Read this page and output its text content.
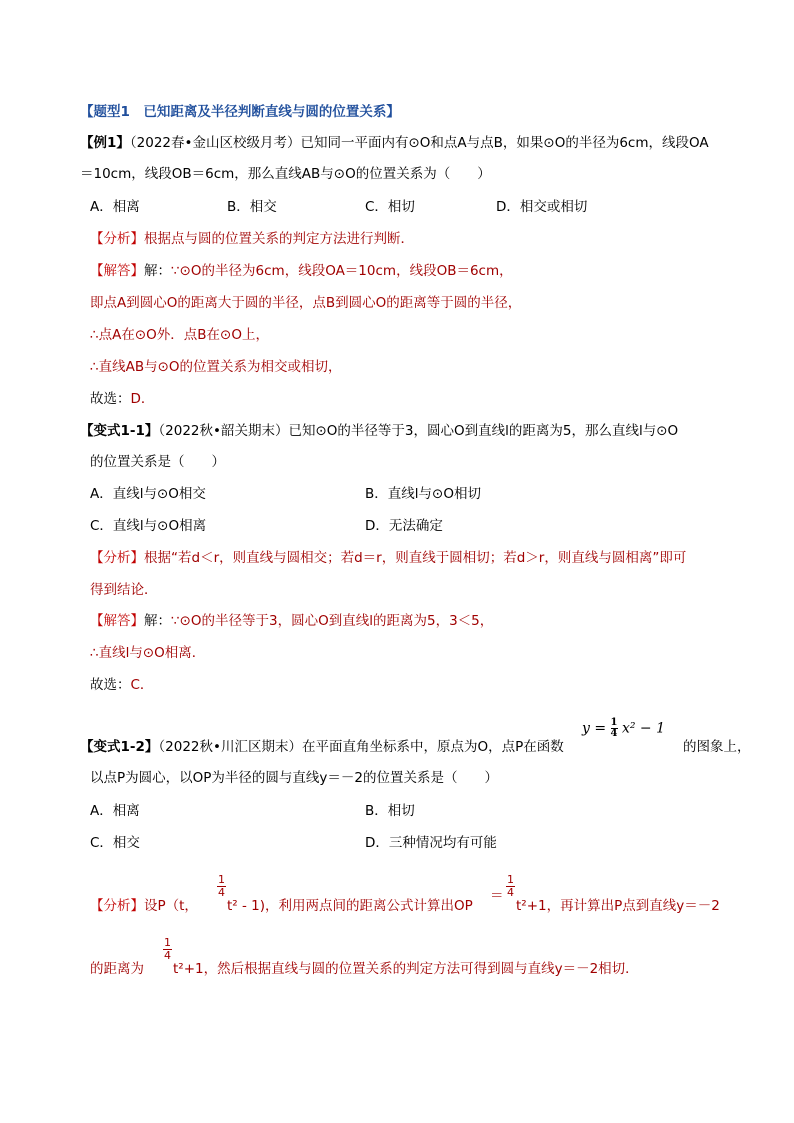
【题型1　已知距离及半径判断直线与圆的位置关系】
【例1】（2022春•金山区校级月考）已知同一平面内有⊙O和点A与点B，如果⊙O的半径为6cm，线段OA
＝10cm，线段OB＝6cm，那么直线AB与⊙O的位置关系为（　　）
A．相离	B．相交	C．相切	D．相交或相切
【分析】根据点与圆的位置关系的判定方法进行判断．
【解答】解：∵⊙O的半径为6cm，线段OA＝10cm，线段OB＝6cm，
即点A到圆心O的距离大于圆的半径，点B到圆心O的距离等于圆的半径，
∴点A在⊙O外．点B在⊙O上，
∴直线AB与⊙O的位置关系为相交或相切，
故选：D．
【变式1-1】（2022秋•韶关期末）已知⊙O的半径等于3，圆心O到直线l的距离为5，那么直线l与⊙O
的位置关系是（　　）
A．直线l与⊙O相交	B．直线l与⊙O相切
C．直线l与⊙O相离	D．无法确定
【分析】根据“若d＜r，则直线与圆相交；若d＝r，则直线于圆相切；若d＞r，则直线与圆相离”即可
得到结论．
【解答】解：∵⊙O的半径等于3，圆心O到直线l的距离为5，3＜5，
∴直线l与⊙O相离．
故选：C．
【变式1-2】（2022秋•川汇区期末）在平面直角坐标系中，原点为O，点P在函数
$y = \frac{1}{4} x^2 - 1$
的图象上，
以点P为圆心，以OP为半径的圆与直线y＝－2的位置关系是（　　）
A．相离	B．相切
C．相交	D．三种情况均有可能
【分析】设P（t，
$\frac{1}{4}$
t² - 1)，利用两点间的距离公式计算出OP
＝ $\frac{1}{4}$
t²+1，再计算出P点到直线y＝－2
的距离为
$\frac{1}{4}$
t²+1，然后根据直线与圆的位置关系的判定方法可得到圆与直线y＝－2相切．
